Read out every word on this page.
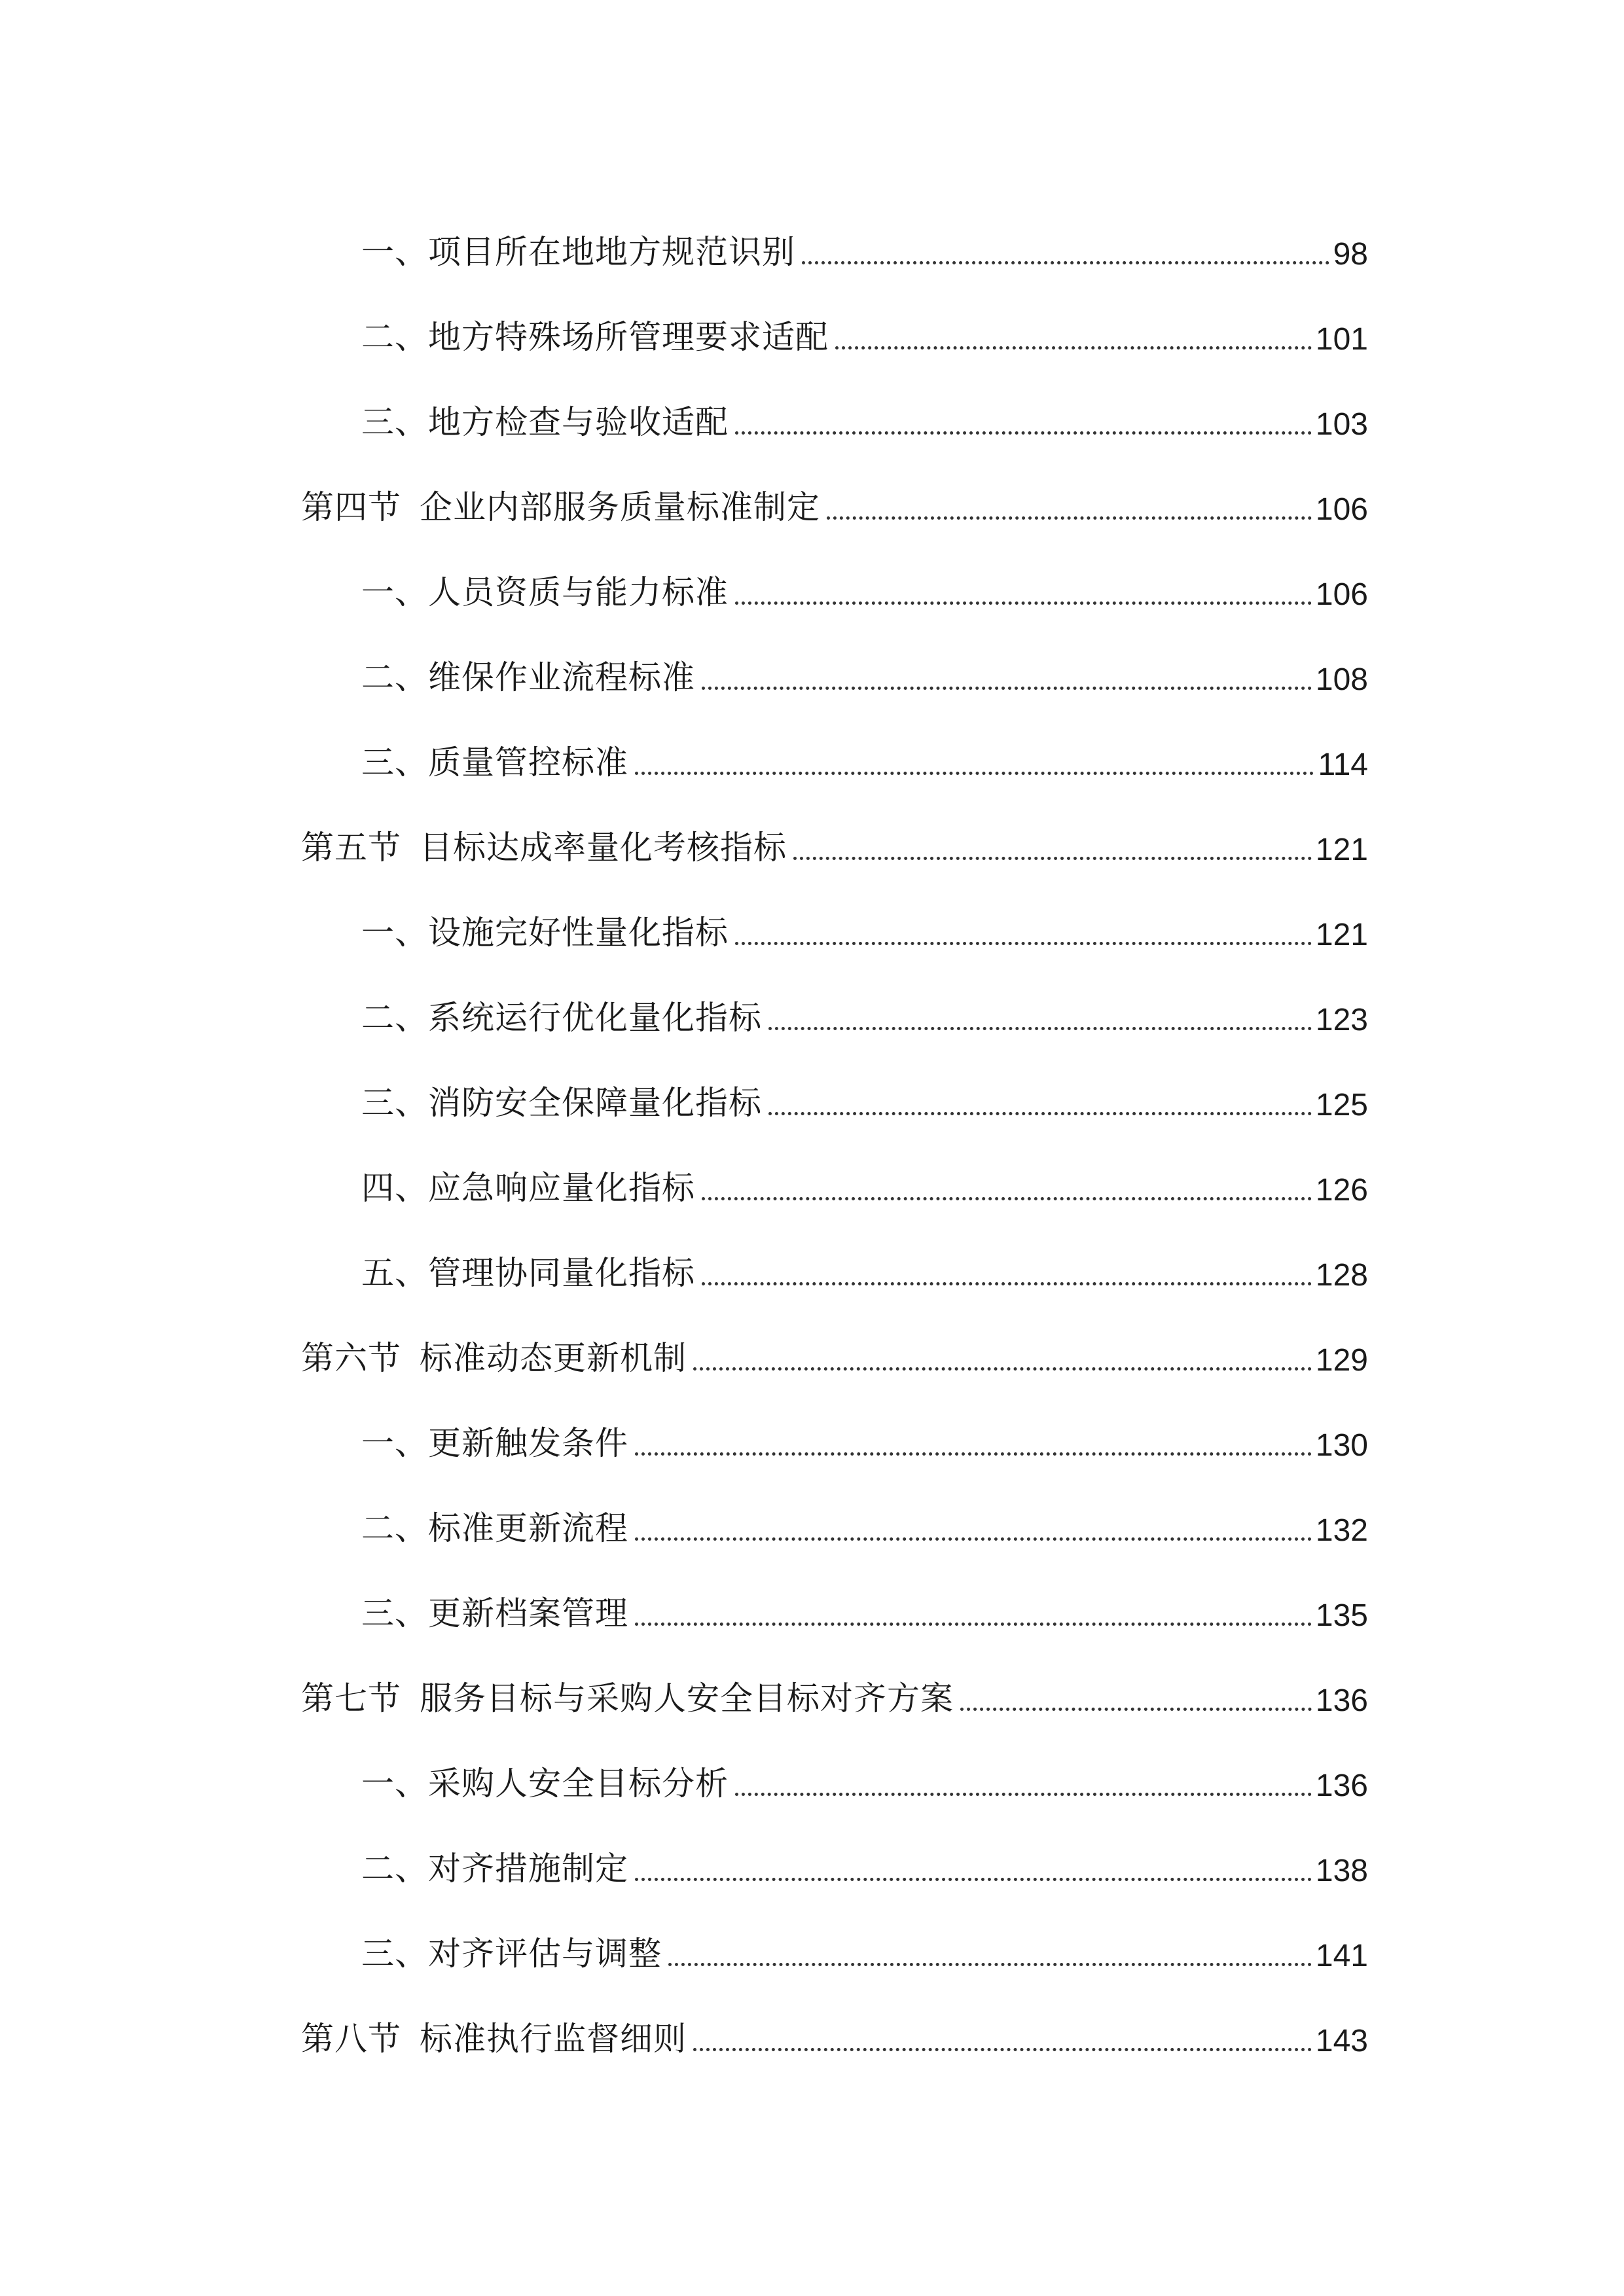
一、项目所在地地方规范识别	98
二、地方特殊场所管理要求适配	101
三、地方检查与验收适配	103
第四节 企业内部服务质量标准制定	106
一、人员资质与能力标准	106
二、维保作业流程标准	108
三、质量管控标准	114
第五节 目标达成率量化考核指标	121
一、设施完好性量化指标	121
二、系统运行优化量化指标	123
三、消防安全保障量化指标	125
四、应急响应量化指标	126
五、管理协同量化指标	128
第六节 标准动态更新机制	129
一、更新触发条件	130
二、标准更新流程	132
三、更新档案管理	135
第七节 服务目标与采购人安全目标对齐方案	136
一、采购人安全目标分析	136
二、对齐措施制定	138
三、对齐评估与调整	141
第八节 标准执行监督细则	143
